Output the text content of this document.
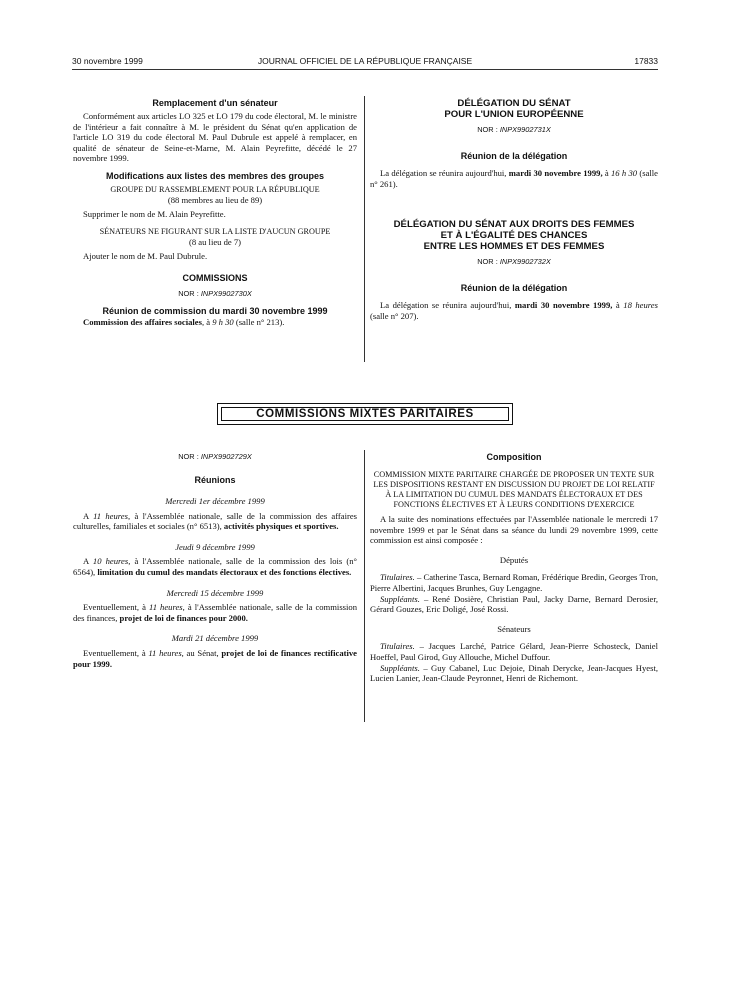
30 novembre 1999	JOURNAL OFFICIEL DE LA RÉPUBLIQUE FRANÇAISE	17833
Remplacement d'un sénateur

Conformément aux articles LO 325 et LO 179 du code électoral, M. le ministre de l'intérieur a fait connaître à M. le président du Sénat qu'en application de l'article LO 319 du code électoral M. Paul Dubrule est appelé à remplacer, en qualité de sénateur de Seine-et-Marne, M. Alain Peyrefitte, décédé le 27 novembre 1999.

Modifications aux listes des membres des groupes
GROUPE DU RASSEMBLEMENT POUR LA RÉPUBLIQUE
(88 membres au lieu de 89)

Supprimer le nom de M. Alain Peyrefitte.

SÉNATEURS NE FIGURANT SUR LA LISTE D'AUCUN GROUPE
(8 au lieu de 7)

Ajouter le nom de M. Paul Dubrule.

COMMISSIONS
NOR : INPX9902730X
Réunion de commission du mardi 30 novembre 1999

Commission des affaires sociales, à 9 h 30 (salle n° 213).

DÉLÉGATION DU SÉNAT
POUR L'UNION EUROPÉENNE
NOR : INPX9902731X
Réunion de la délégation

La délégation se réunira aujourd'hui, mardi 30 novembre 1999, à 16 h 30 (salle n° 261).

DÉLÉGATION DU SÉNAT AUX DROITS DES FEMMES
ET À L'ÉGALITÉ DES CHANCES
ENTRE LES HOMMES ET DES FEMMES
NOR : INPX9902732X
Réunion de la délégation

La délégation se réunira aujourd'hui, mardi 30 novembre 1999, à 18 heures (salle n° 207).

COMMISSIONS MIXTES PARITAIRES
NOR : INPX9902729X
Réunions
Mercredi 1er décembre 1999

A 11 heures, à l'Assemblée nationale, salle de la commission des affaires culturelles, familiales et sociales (n° 6513), activités physiques et sportives.

Jeudi 9 décembre 1999

A 10 heures, à l'Assemblée nationale, salle de la commission des lois (n° 6564), limitation du cumul des mandats électoraux et des fonctions électives.

Mercredi 15 décembre 1999

Eventuellement, à 11 heures, à l'Assemblée nationale, salle de la commission des finances, projet de loi de finances pour 2000.

Mardi 21 décembre 1999

Eventuellement, à 11 heures, au Sénat, projet de loi de finances rectificative pour 1999.

Composition
COMMISSION MIXTE PARITAIRE CHARGÉE DE PROPOSER UN TEXTE SUR LES DISPOSITIONS RESTANT EN DISCUSSION DU PROJET DE LOI RELATIF À LA LIMITATION DU CUMUL DES MANDATS ÉLECTORAUX ET DES FONCTIONS ÉLECTIVES ET À LEURS CONDITIONS D'EXERCICE

A la suite des nominations effectuées par l'Assemblée nationale le mercredi 17 novembre 1999 et par le Sénat dans sa séance du lundi 29 novembre 1999, cette commission est ainsi composée :

Députés

Titulaires. – Catherine Tasca, Bernard Roman, Frédérique Bredin, Georges Tron, Pierre Albertini, Jacques Brunhes, Guy Lengagne.

Suppléants. – René Dosière, Christian Paul, Jacky Darne, Bernard Derosier, Gérard Gouzes, Eric Doligé, José Rossi.

Sénateurs

Titulaires. – Jacques Larché, Patrice Gélard, Jean-Pierre Schosteck, Daniel Hoeffel, Paul Girod, Guy Allouche, Michel Duffour.

Suppléants. – Guy Cabanel, Luc Dejoie, Dinah Derycke, Jean-Jacques Hyest, Lucien Lanier, Jean-Claude Peyronnet, Henri de Richemont.
